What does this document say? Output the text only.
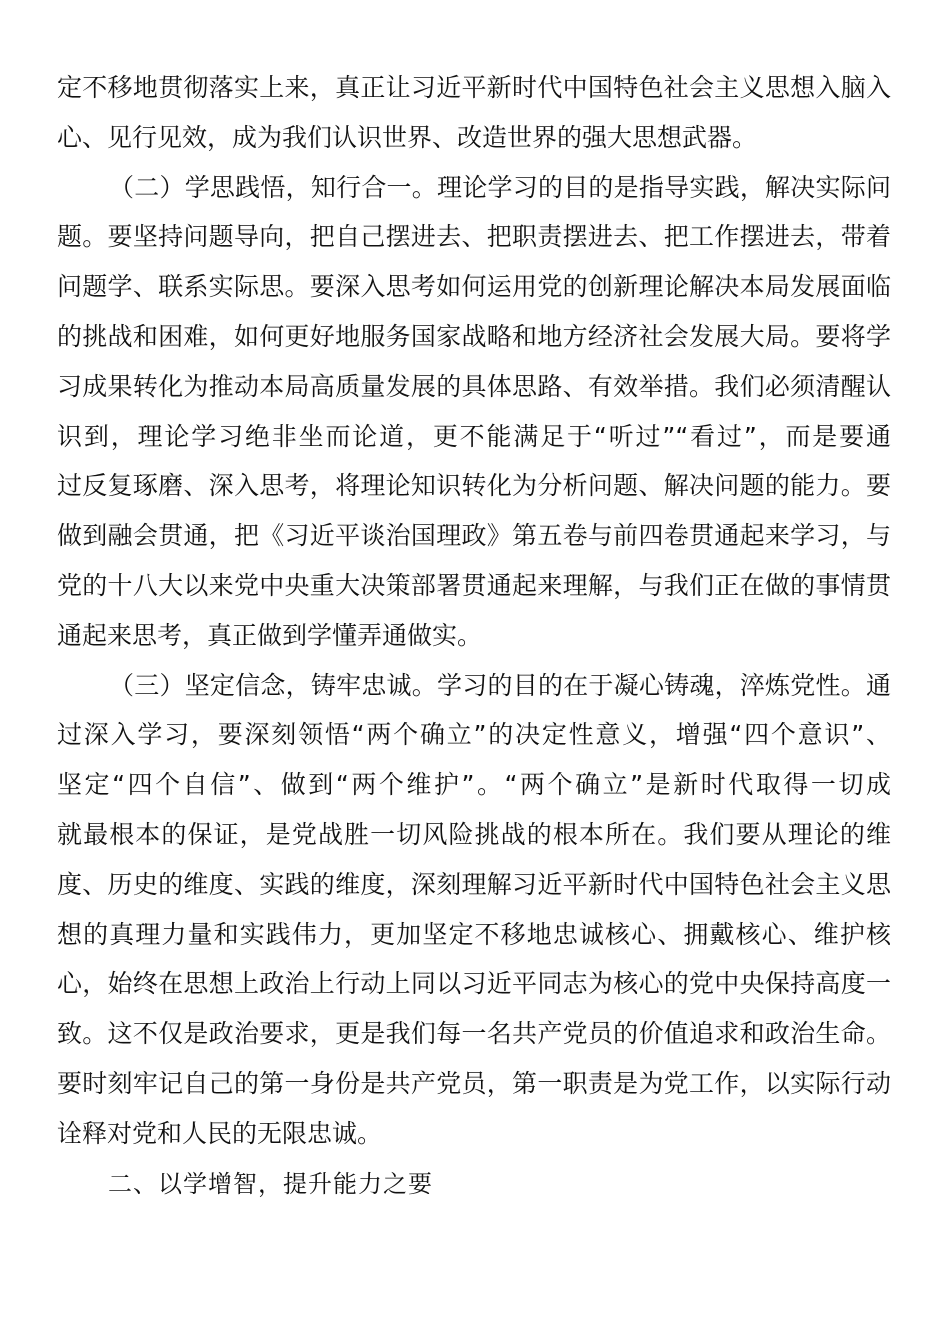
定不移地贯彻落实上来，真正让习近平新时代中国特色社会主义思想入脑入
心、见行见效，成为我们认识世界、改造世界的强大思想武器。
（二）学思践悟，知行合一。理论学习的目的是指导实践，解决实际问
题。要坚持问题导向，把自己摆进去、把职责摆进去、把工作摆进去，带着
问题学、联系实际思。要深入思考如何运用党的创新理论解决本局发展面临
的挑战和困难，如何更好地服务国家战略和地方经济社会发展大局。要将学
习成果转化为推动本局高质量发展的具体思路、有效举措。我们必须清醒认
识到，理论学习绝非坐而论道，更不能满足于“听过”“看过”，而是要通
过反复琢磨、深入思考，将理论知识转化为分析问题、解决问题的能力。要
做到融会贯通，把《习近平谈治国理政》第五卷与前四卷贯通起来学习，与
党的十八大以来党中央重大决策部署贯通起来理解，与我们正在做的事情贯
通起来思考，真正做到学懂弄通做实。
（三）坚定信念，铸牢忠诚。学习的目的在于凝心铸魂，淬炼党性。通
过深入学习，要深刻领悟“两个确立”的决定性意义，增强“四个意识”、
坚定“四个自信”、做到“两个维护”。“两个确立”是新时代取得一切成
就最根本的保证，是党战胜一切风险挑战的根本所在。我们要从理论的维
度、历史的维度、实践的维度，深刻理解习近平新时代中国特色社会主义思
想的真理力量和实践伟力，更加坚定不移地忠诚核心、拥戴核心、维护核
心，始终在思想上政治上行动上同以习近平同志为核心的党中央保持高度一
致。这不仅是政治要求，更是我们每一名共产党员的价值追求和政治生命。
要时刻牢记自己的第一身份是共产党员，第一职责是为党工作，以实际行动
诠释对党和人民的无限忠诚。
二、以学增智，提升能力之要
